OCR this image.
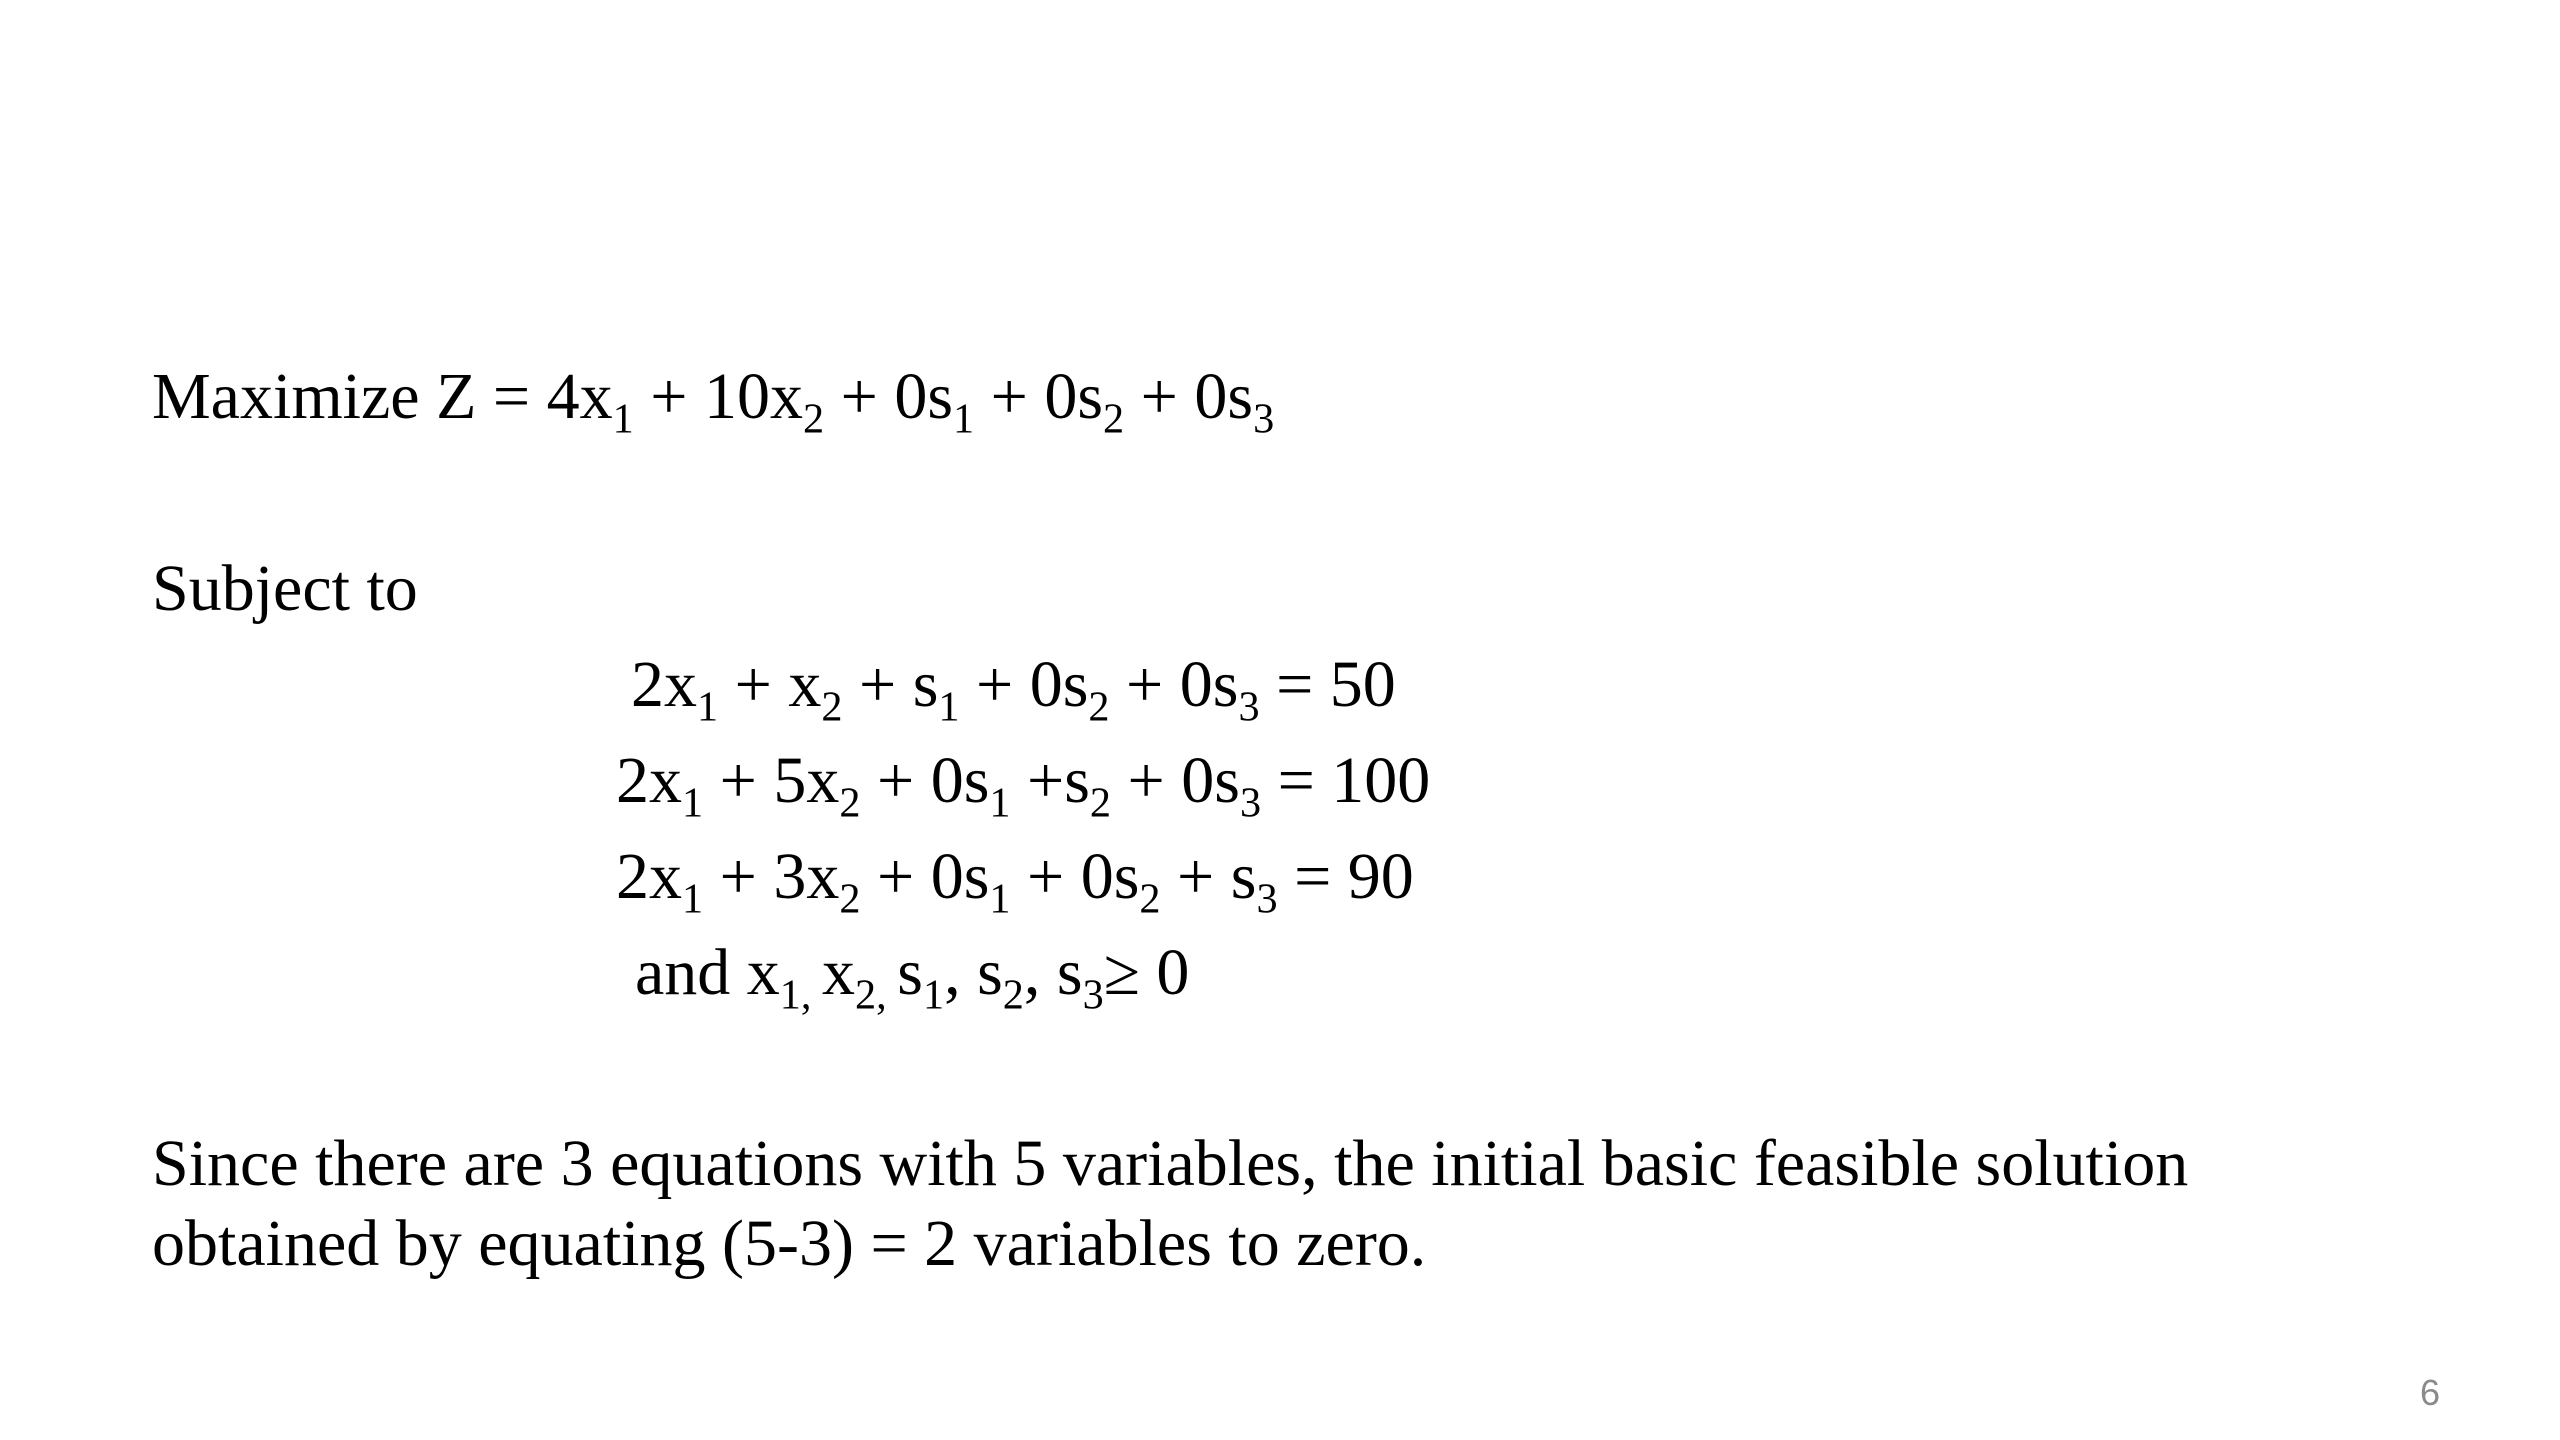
Maximize $Z = 4x_1 + 10x_2 + 0s_1 + 0s_2 + 0s_3$
Subject to
$2x_1 + x_2 + s_1 + 0s_2 + 0s_3 = 50$
$2x_1 + 5x_2 + 0s_1 +s_2 + 0s_3 = 100$
$2x_1 + 3x_2 + 0s_1 + 0s_2 + s_3 = 90$
and $x_{1,}$ $x_{2,}$ $s_1$, $s_2$, $s_3\ge 0$
Since there are 3 equations with 5 variables, the initial basic feasible solution
obtained by equating (5-3) = 2 variables to zero.
6
